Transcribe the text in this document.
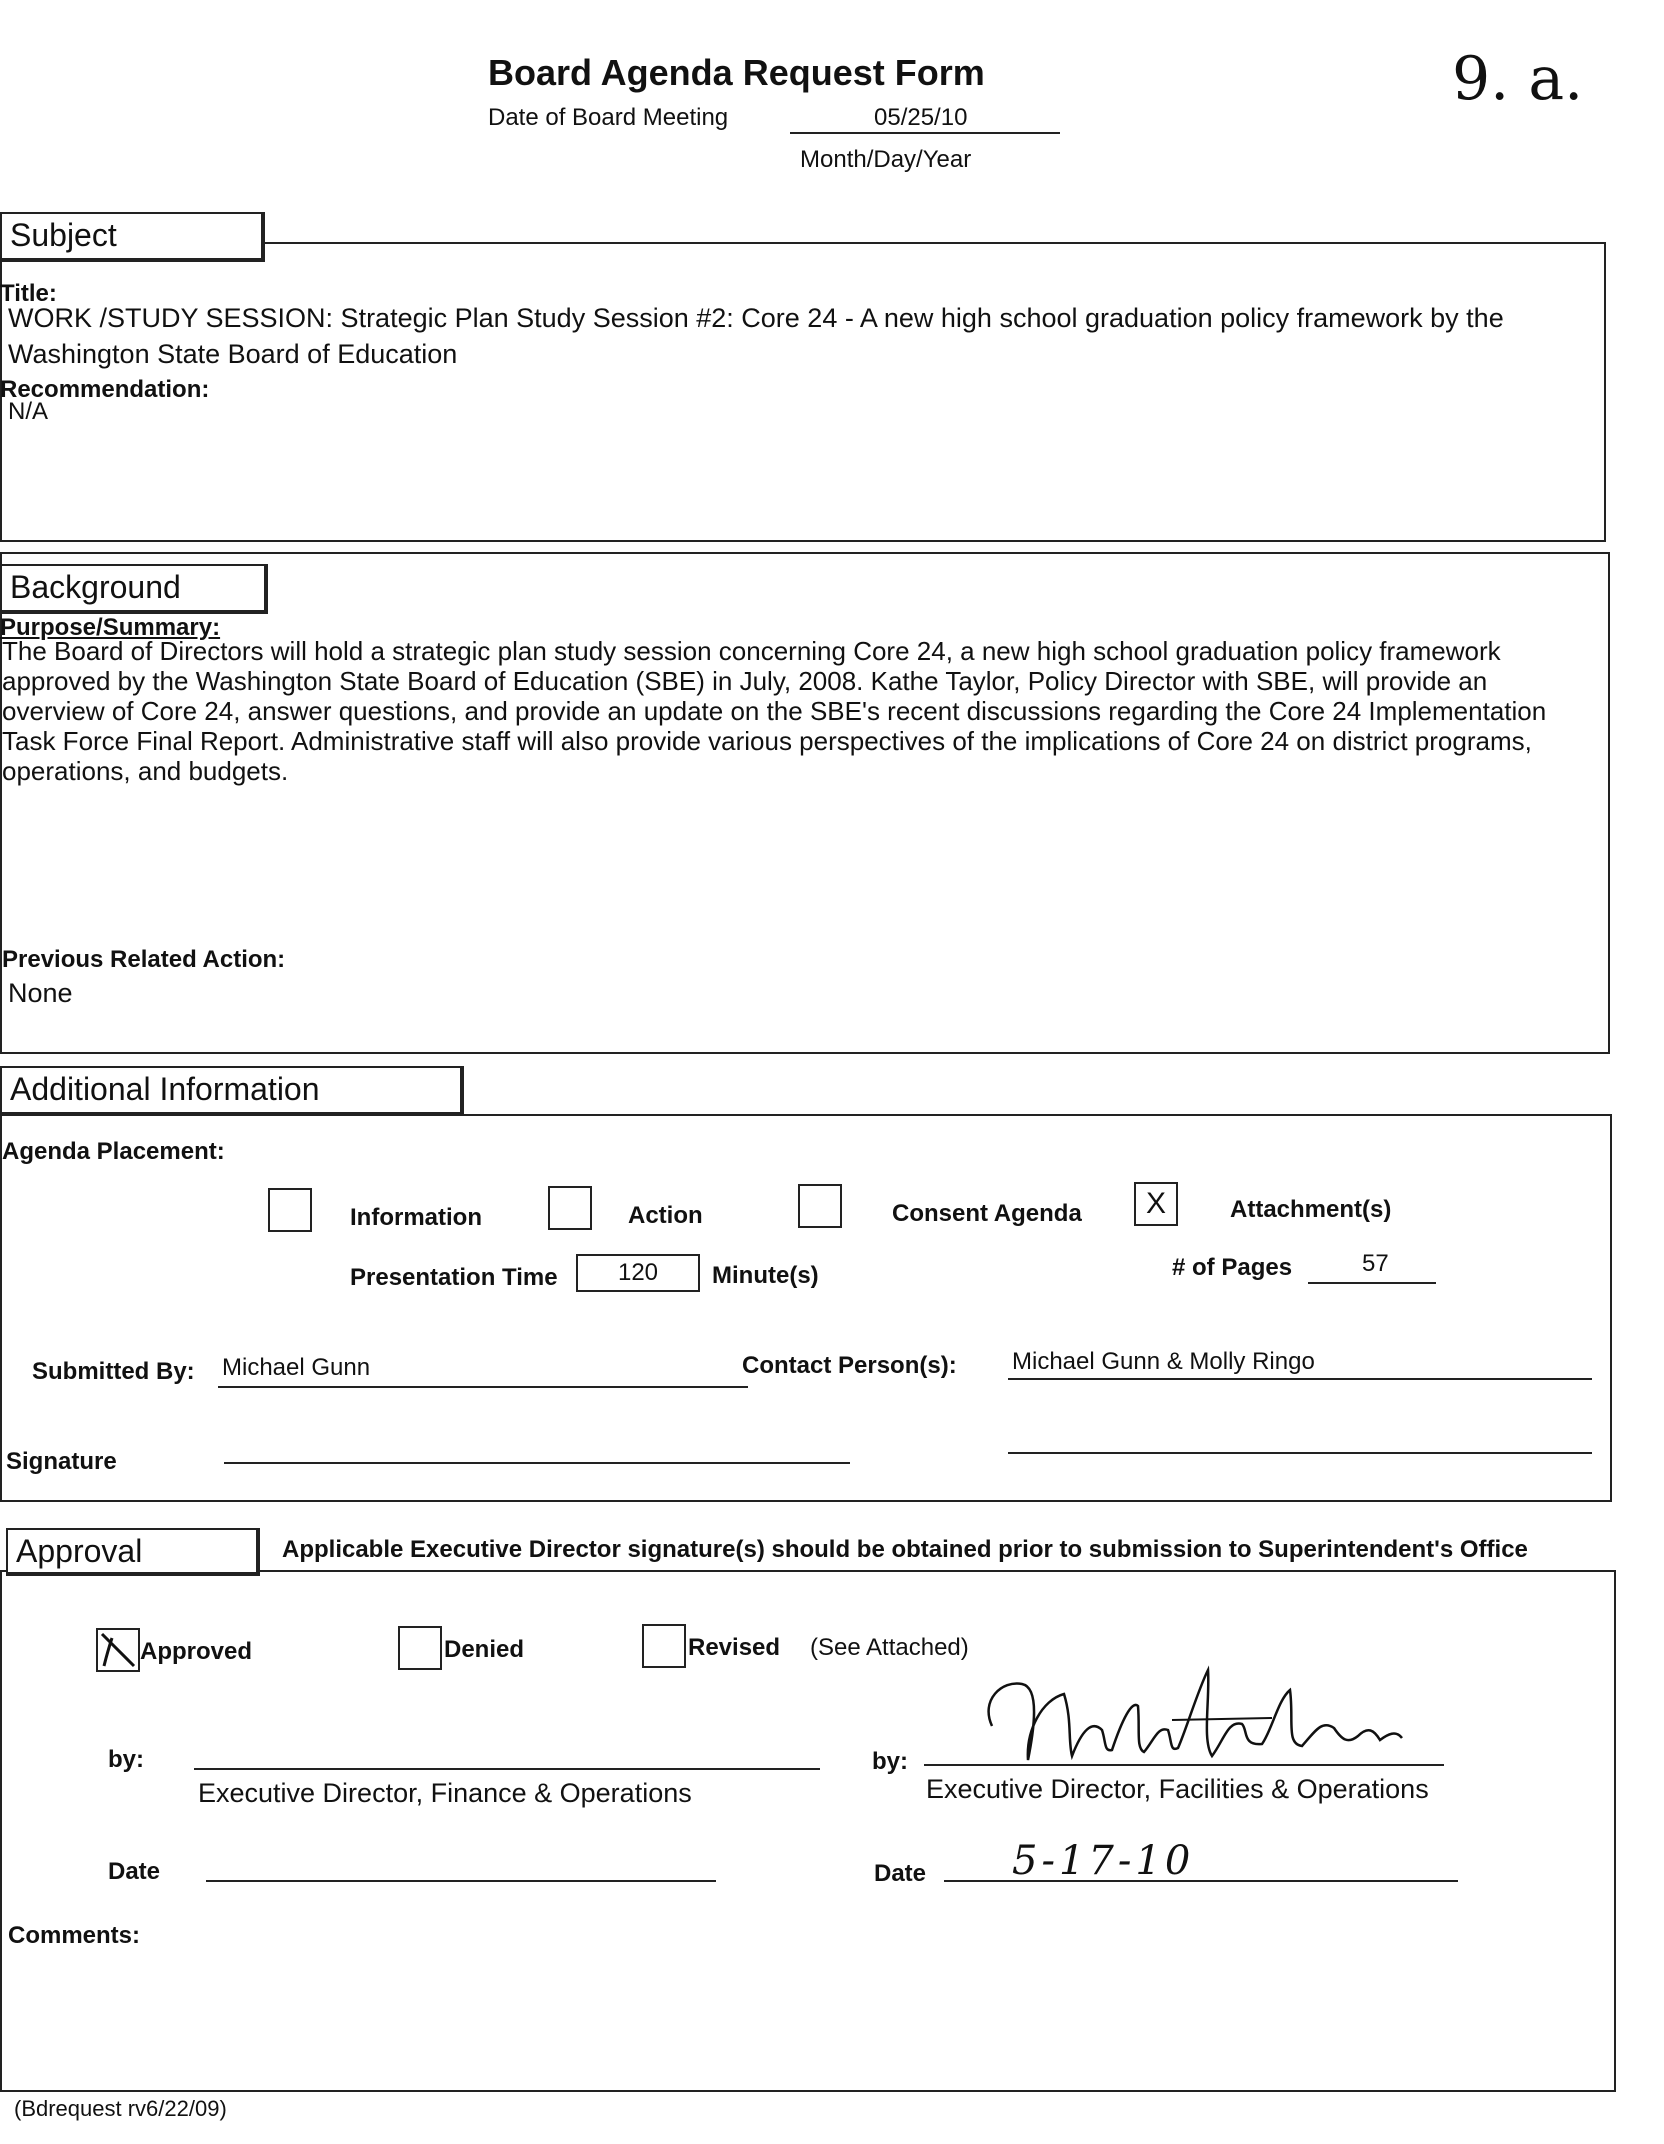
Board Agenda Request Form
Date of Board Meeting	05/25/10
Month/Day/Year
9. a.
Subject
Title:
WORK /STUDY SESSION: Strategic Plan Study Session #2: Core 24 - A new high school graduation policy framework by the Washington State Board of Education
Recommendation:
N/A
Background
Purpose/Summary:
The Board of Directors will hold a strategic plan study session concerning Core 24, a new high school graduation policy framework approved by the Washington State Board of Education (SBE) in July, 2008. Kathe Taylor, Policy Director with SBE, will provide an overview of Core 24, answer questions, and provide an update on the SBE's recent discussions regarding the Core 24 Implementation Task Force Final Report. Administrative staff will also provide various perspectives of the implications of Core 24 on district programs, operations, and budgets.
Previous Related Action:
None
Additional Information
Agenda Placement:
Information	Action	Consent Agenda	X	Attachment(s)
Presentation Time	120	Minute(s)	# of Pages	57
Submitted By: Michael Gunn	Contact Person(s): Michael Gunn & Molly Ringo
Signature
Approval	Applicable Executive Director signature(s) should be obtained prior to submission to Superintendent's Office
Approved	Denied	Revised (See Attached)
by:
Executive Director, Finance & Operations
Date
by:
Executive Director, Facilities & Operations
Date 5-17-10
Comments:
(Bdrequest rv6/22/09)
